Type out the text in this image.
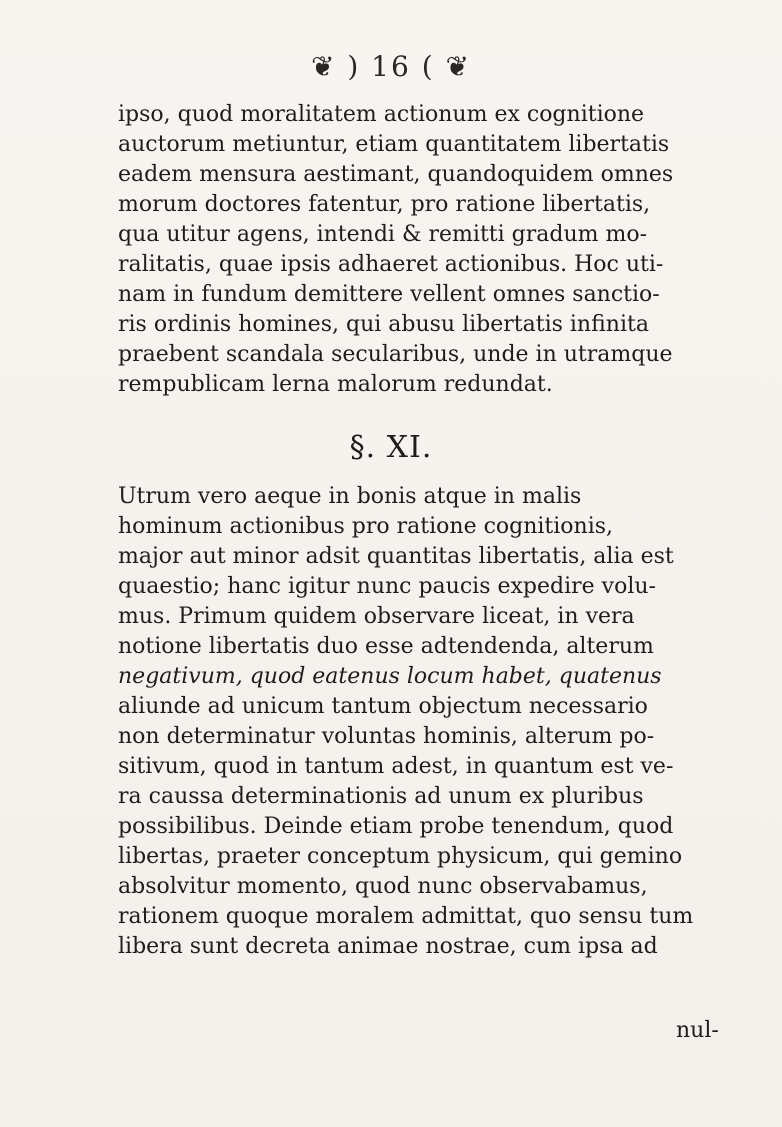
❦ ) 16 ( ❦
ipso, quod moralitatem actionum ex cognitione
auctorum metiuntur, etiam quantitatem libertatis
eadem mensura aestimant, quandoquidem omnes
morum doctores fatentur, pro ratione libertatis,
qua utitur agens, intendi & remitti gradum mo-
ralitatis, quae ipsis adhaeret actionibus. Hoc uti-
nam in fundum demittere vellent omnes sanctio-
ris ordinis homines, qui abusu libertatis infinita
praebent scandala secularibus, unde in utramque
rempublicam lerna malorum redundat.
§. XI.
Utrum vero aeque in bonis atque in malis
hominum actionibus pro ratione cognitionis,
major aut minor adsit quantitas libertatis, alia est
quaestio; hanc igitur nunc paucis expedire volu-
mus. Primum quidem observare liceat, in vera
notione libertatis duo esse adtendenda, alterum
negativum, quod eatenus locum habet, quatenus
aliunde ad unicum tantum objectum necessario
non determinatur voluntas hominis, alterum po-
sitivum, quod in tantum adest, in quantum est ve-
ra caussa determinationis ad unum ex pluribus
possibilibus. Deinde etiam probe tenendum, quod
libertas, praeter conceptum physicum, qui gemino
absolvitur momento, quod nunc observabamus,
rationem quoque moralem admittat, quo sensu tum
libera sunt decreta animae nostrae, cum ipsa ad
nul-
